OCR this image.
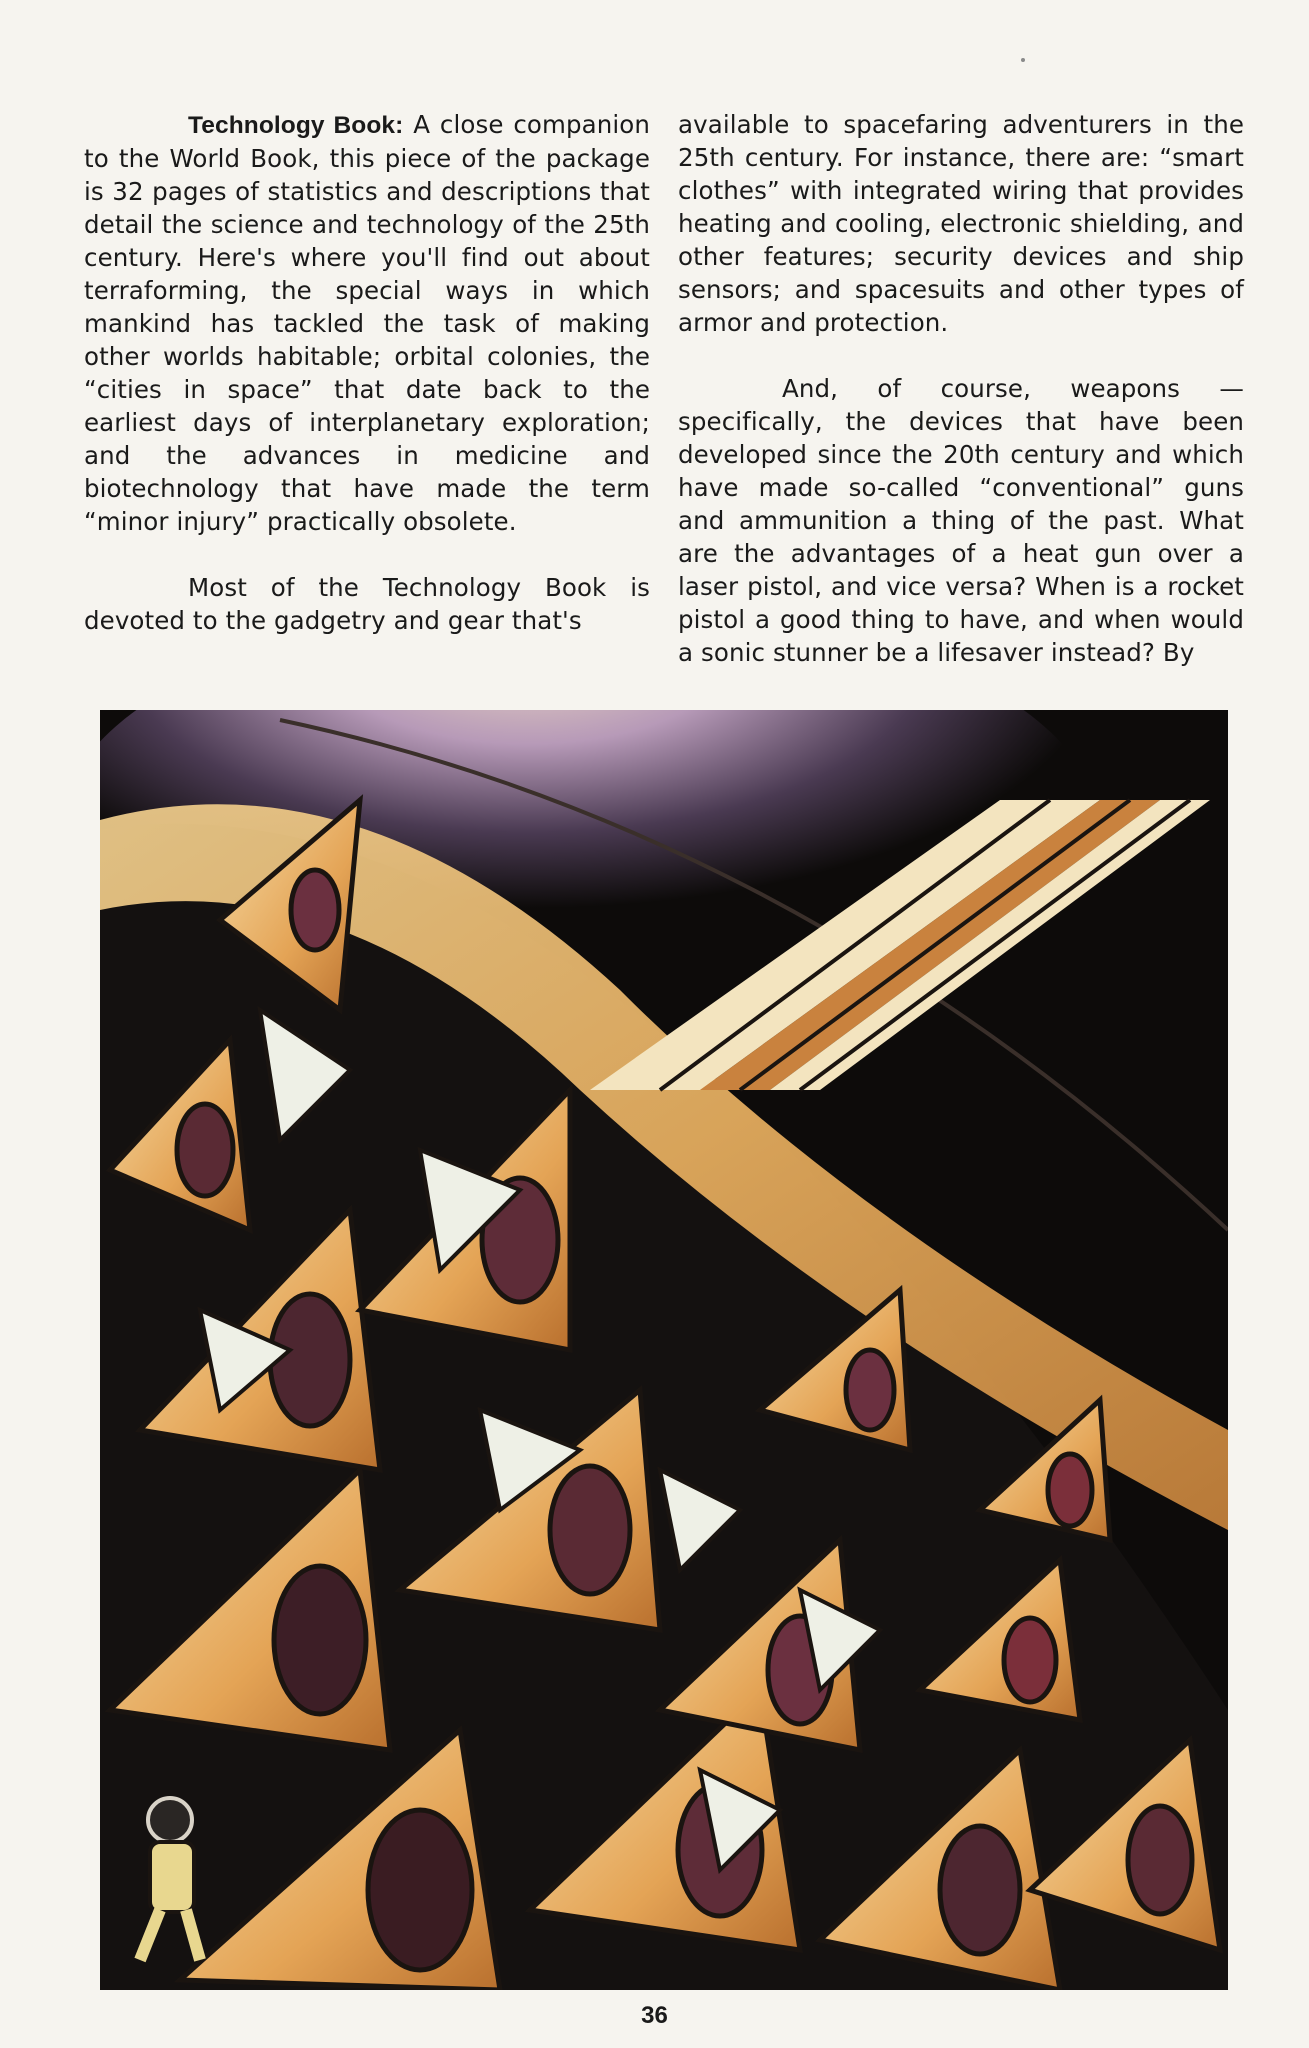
Technology Book: A close companion to the World Book, this piece of the package is 32 pages of statistics and descriptions that detail the science and technology of the 25th century. Here's where you'll find out about terraforming, the special ways in which mankind has tackled the task of making other worlds habitable; orbital colonies, the “cities in space” that date back to the earliest days of interplanetary exploration; and the advances in medicine and biotechnology that have made the term “minor injury” practically obsolete.

Most of the Technology Book is devoted to the gadgetry and gear that's

available to spacefaring adventurers in the 25th century. For instance, there are: “smart clothes” with integrated wiring that provides heating and cooling, electronic shielding, and other features; security devices and ship sensors; and spacesuits and other types of armor and protection.

And, of course, weapons — specifically, the devices that have been developed since the 20th century and which have made so-called “conventional” guns and ammunition a thing of the past. What are the advantages of a heat gun over a laser pistol, and vice versa? When is a rocket pistol a good thing to have, and when would a sonic stunner be a lifesaver instead? By

36
